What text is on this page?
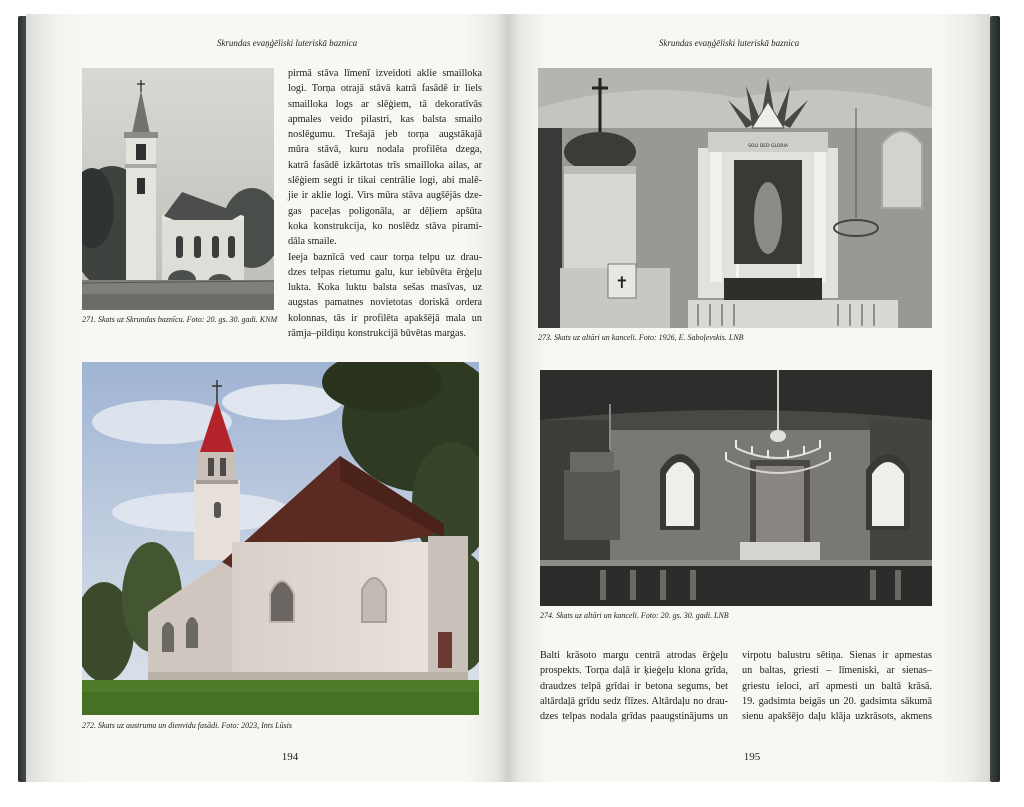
Skrundas evaņģēliski luteriskā baznica
271. Skats uz Skrundas baznīcu. Foto: 20. gs. 30. gadi. KNM
pirmā stāva līmenī izveidoti aklie smailloka
logi. Torņa otrajā stāvā katrā fasādē ir liels
smailloka logs ar slēģiem, tā dekoratīvās
apmales veido pilastri, kas balsta smailo
noslēgumu. Trešajā jeb torņa augstākajā
mūra stāvā, kuru nodala profilēta dzega,
katrā fasādē izkārtotas trīs smailloka ailas, ar
slēģiem segti ir tikai centrālie logi, abi malē-
jie ir aklie logi. Virs mūra stāva augšējās dze-
gas paceļas poligonāla, ar dēļiem apšūta
koka konstrukcija, ko noslēdz stāva pirami-
dāla smaile.
Ieeja baznīcā ved caur torņa telpu uz drau-
dzes telpas rietumu galu, kur iebūvēta ērģeļu
lukta. Koka luktu balsta sešas masīvas, uz
augstas pamatnes novietotas doriskā ordera
kolonnas, tās ir profilēta apakšējā mala un
rāmja–pildiņu konstrukcijā būvētas margas.
272. Skats uz austrumu un dienvidu fasādi. Foto: 2023, Ints Lūsis
194
Skrundas evaņģēliski luteriskā baznica
✝
SOLI DEO GLORIA
273. Skats uz altāri un kanceli. Foto: 1926, E. Saboļevskis. LNB
274. Skats uz altāri un kanceli. Foto: 20. gs. 30. gadi. LNB
Balti krāsoto margu centrā atrodas ērģeļu
prospekts. Torņa daļā ir ķieģeļu klona grīda,
draudzes telpā grīdai ir betona segums, bet
altārdaļā grīdu sedz flīzes. Altārdaļu no drau-
dzes telpas nodala grīdas paaugstinājums un
virpotu balustru sētiņa. Sienas ir apmestas
un baltas, griesti – līmeniski, ar sienas–
griestu ieloci, arī apmesti un baltā krāsā.
19. gadsimta beigās un 20. gadsimta sākumā
sienu apakšējo daļu klāja uzkrāsots, akmens
195
